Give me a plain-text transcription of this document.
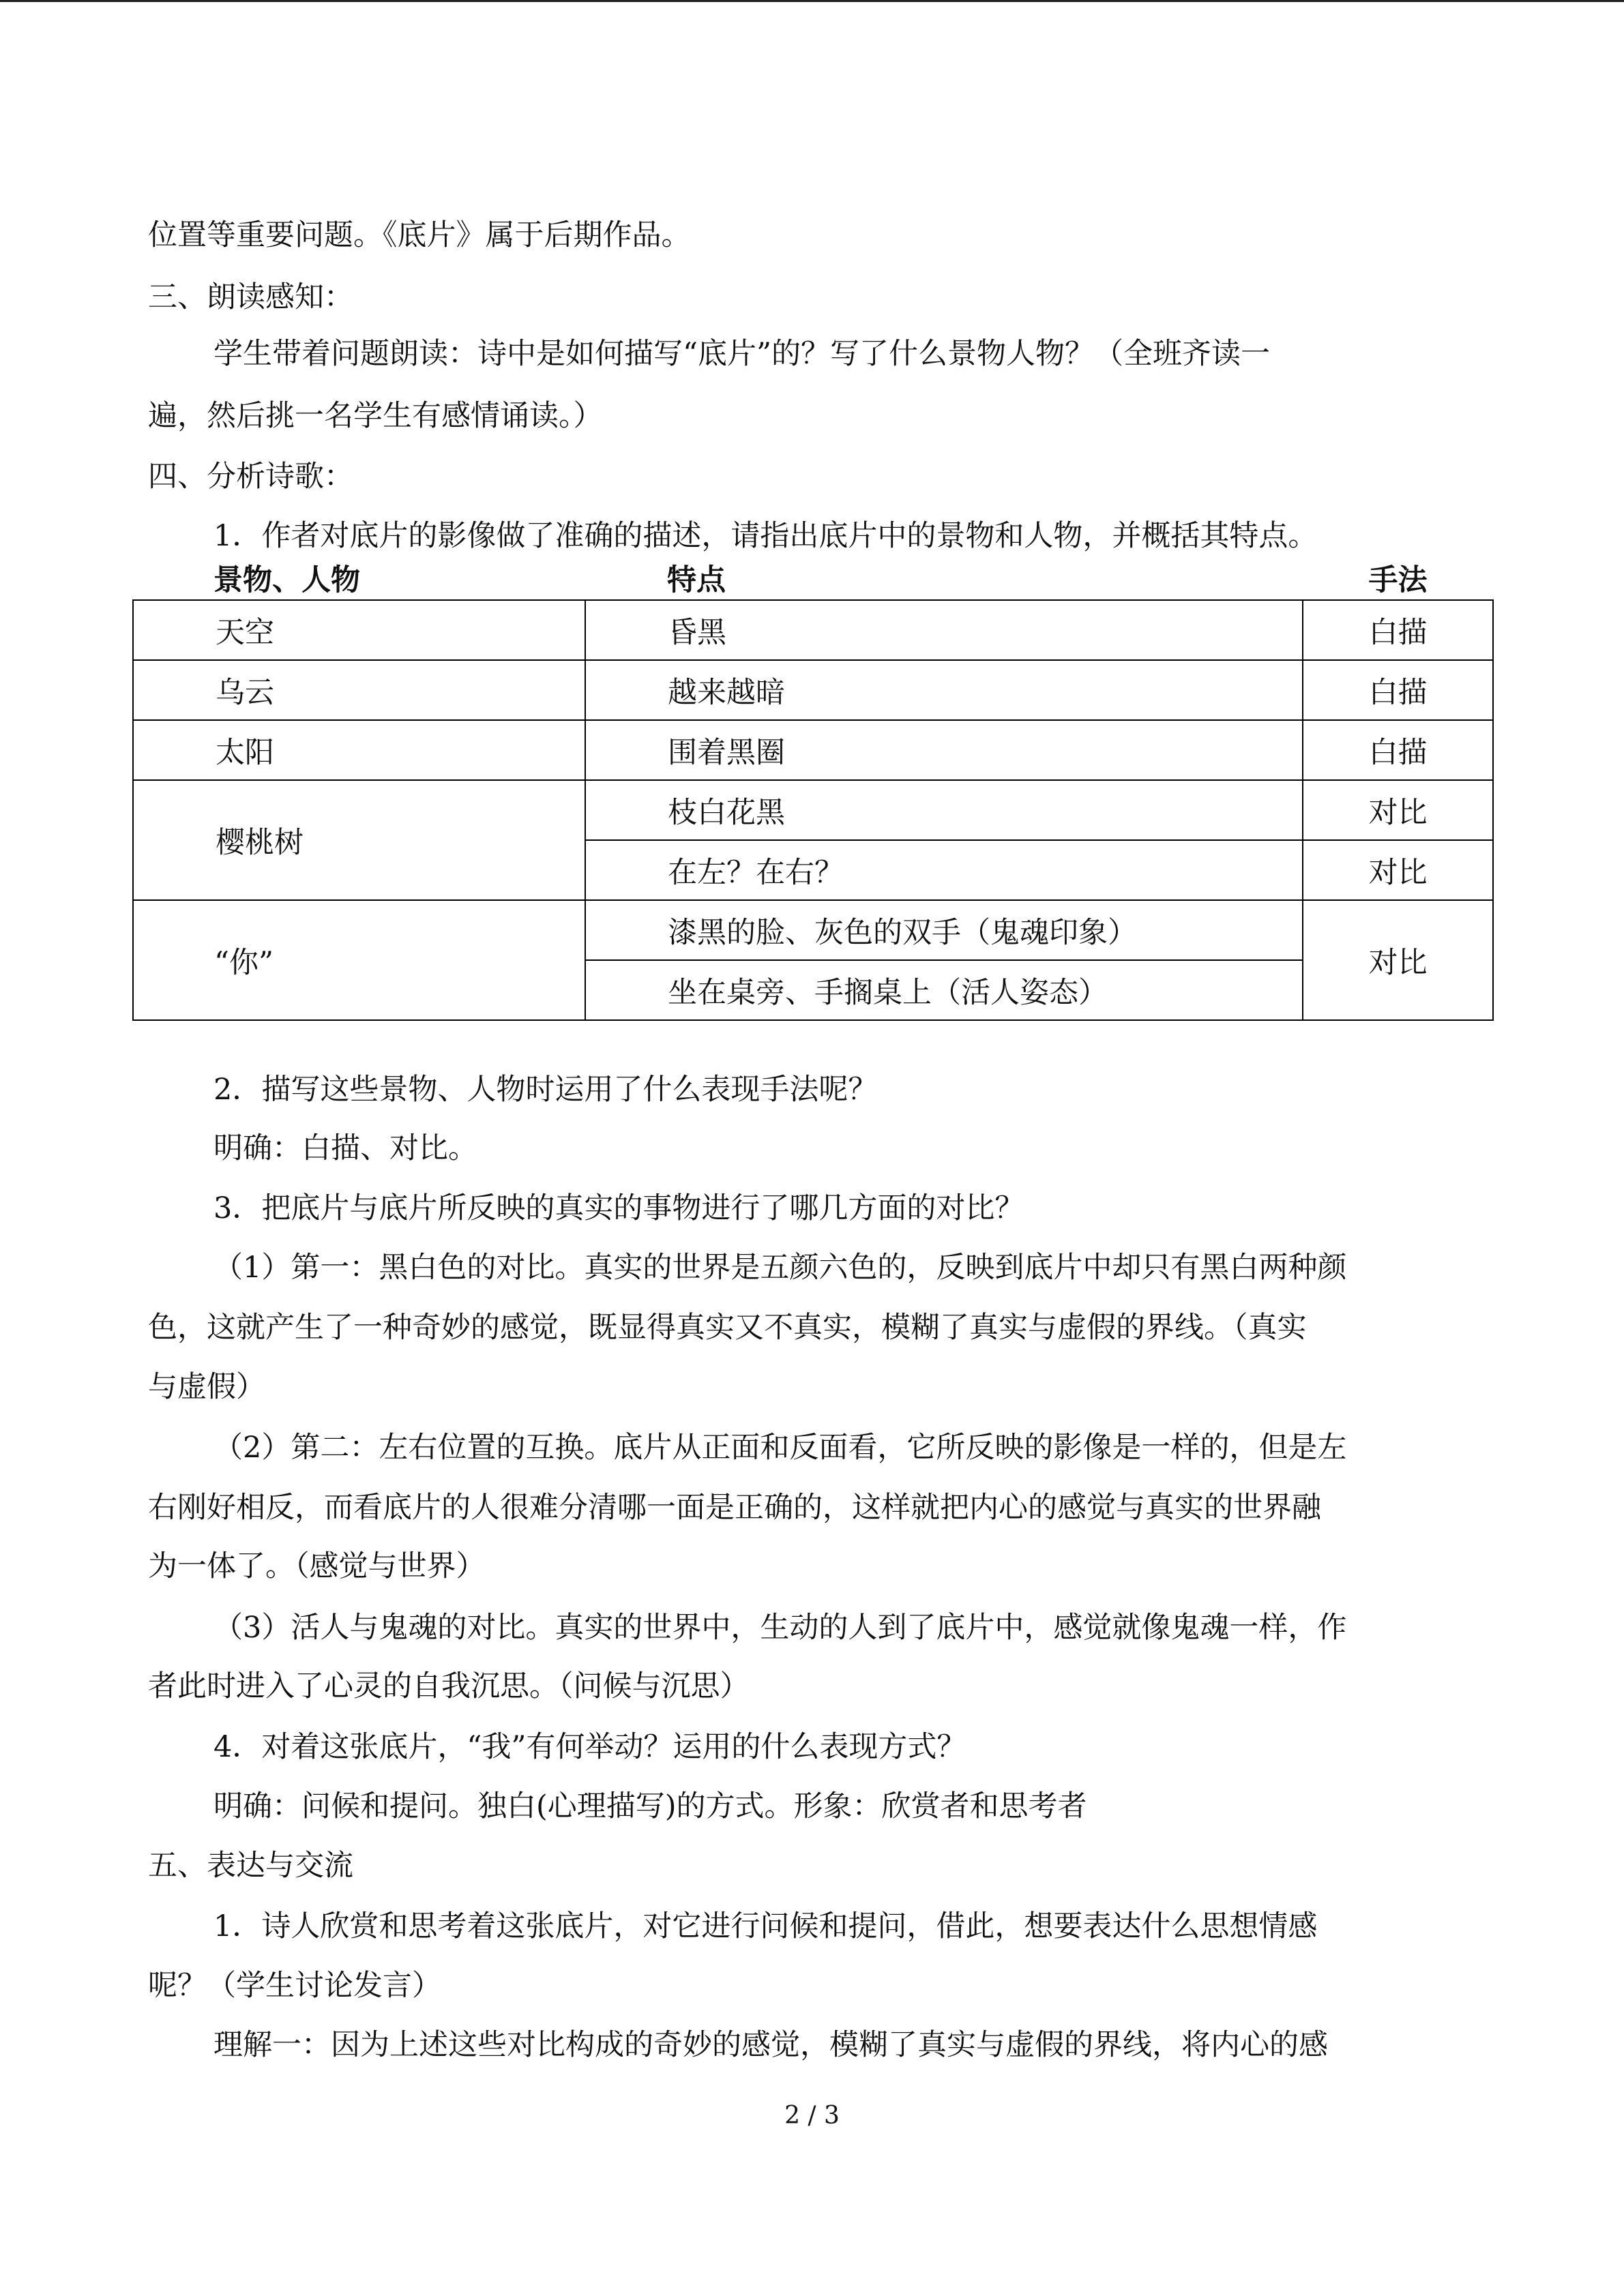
位置等重要问题。《底片》属于后期作品。
三、朗读感知：
学生带着问题朗读：诗中是如何描写“底片”的？写了什么景物人物？（全班齐读一
遍，然后挑一名学生有感情诵读。）
四、分析诗歌：
1．作者对底片的影像做了准确的描述，请指出底片中的景物和人物，并概括其特点。
景物、人物	特点	手法
天空	昏黑	白描
乌云	越来越暗	白描
太阳	围着黑圈	白描
樱桃树	枝白花黑	对比
	在左？在右？	对比
“你”	漆黑的脸、灰色的双手（鬼魂印象）	对比
	坐在桌旁、手搁桌上（活人姿态）	
2．描写这些景物、人物时运用了什么表现手法呢？
明确：白描、对比。
3．把底片与底片所反映的真实的事物进行了哪几方面的对比？
（1）第一：黑白色的对比。真实的世界是五颜六色的，反映到底片中却只有黑白两种颜
色，这就产生了一种奇妙的感觉，既显得真实又不真实，模糊了真实与虚假的界线。（真实
与虚假）
（2）第二：左右位置的互换。底片从正面和反面看，它所反映的影像是一样的，但是左
右刚好相反，而看底片的人很难分清哪一面是正确的，这样就把内心的感觉与真实的世界融
为一体了。（感觉与世界）
（3）活人与鬼魂的对比。真实的世界中，生动的人到了底片中，感觉就像鬼魂一样，作
者此时进入了心灵的自我沉思。（问候与沉思）
4．对着这张底片，“我”有何举动？运用的什么表现方式？
明确：问候和提问。独白(心理描写)的方式。形象：欣赏者和思考者
五、表达与交流
1．诗人欣赏和思考着这张底片，对它进行问候和提问，借此，想要表达什么思想情感
呢？（学生讨论发言）
理解一：因为上述这些对比构成的奇妙的感觉，模糊了真实与虚假的界线，将内心的感
2 / 3
